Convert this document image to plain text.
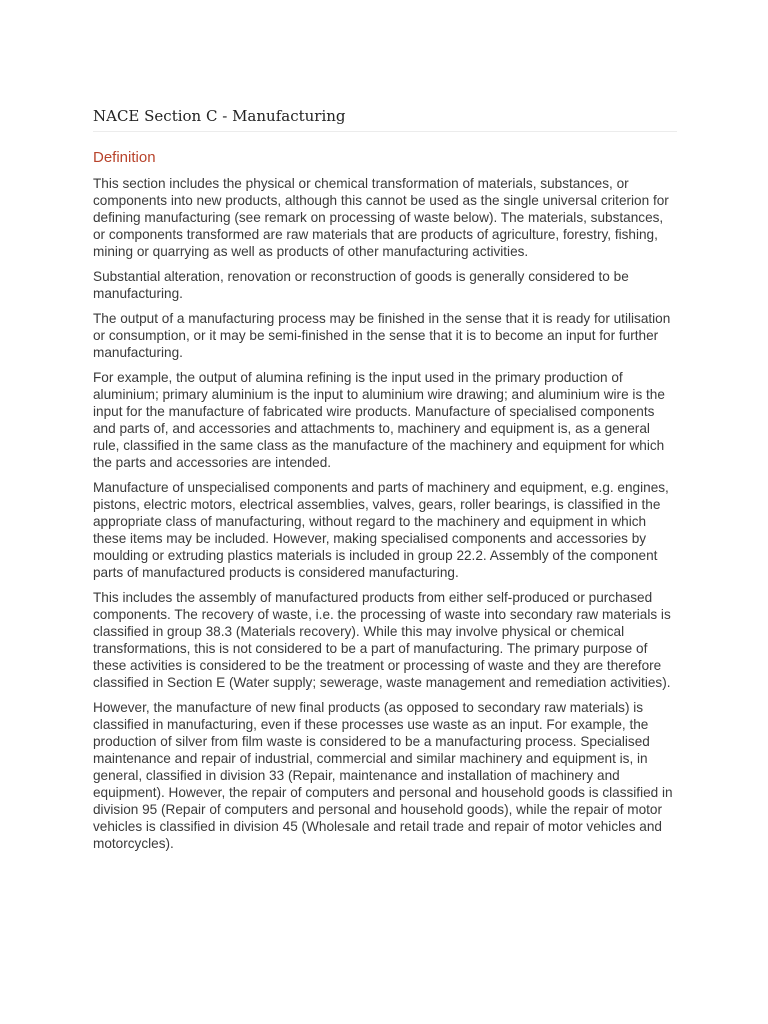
NACE Section C - Manufacturing
Definition

This section includes the physical or chemical transformation of materials, substances, or components into new products, although this cannot be used as the single universal criterion for defining manufacturing (see remark on processing of waste below). The materials, substances, or components transformed are raw materials that are products of agriculture, forestry, fishing, mining or quarrying as well as products of other manufacturing activities.

Substantial alteration, renovation or reconstruction of goods is generally considered to be manufacturing.

The output of a manufacturing process may be finished in the sense that it is ready for utilisation or consumption, or it may be semi-finished in the sense that it is to become an input for further manufacturing.

For example, the output of alumina refining is the input used in the primary production of aluminium; primary aluminium is the input to aluminium wire drawing; and aluminium wire is the input for the manufacture of fabricated wire products. Manufacture of specialised components and parts of, and accessories and attachments to, machinery and equipment is, as a general rule, classified in the same class as the manufacture of the machinery and equipment for which the parts and accessories are intended.

Manufacture of unspecialised components and parts of machinery and equipment, e.g. engines, pistons, electric motors, electrical assemblies, valves, gears, roller bearings, is classified in the appropriate class of manufacturing, without regard to the machinery and equipment in which these items may be included. However, making specialised components and accessories by moulding or extruding plastics materials is included in group 22.2. Assembly of the component parts of manufactured products is considered manufacturing.

This includes the assembly of manufactured products from either self-produced or purchased components. The recovery of waste, i.e. the processing of waste into secondary raw materials is classified in group 38.3 (Materials recovery). While this may involve physical or chemical transformations, this is not considered to be a part of manufacturing. The primary purpose of these activities is considered to be the treatment or processing of waste and they are therefore classified in Section E (Water supply; sewerage, waste management and remediation activities).

However, the manufacture of new final products (as opposed to secondary raw materials) is classified in manufacturing, even if these processes use waste as an input. For example, the production of silver from film waste is considered to be a manufacturing process. Specialised maintenance and repair of industrial, commercial and similar machinery and equipment is, in general, classified in division 33 (Repair, maintenance and installation of machinery and equipment). However, the repair of computers and personal and household goods is classified in division 95 (Repair of computers and personal and household goods), while the repair of motor vehicles is classified in division 45 (Wholesale and retail trade and repair of motor vehicles and motorcycles).
